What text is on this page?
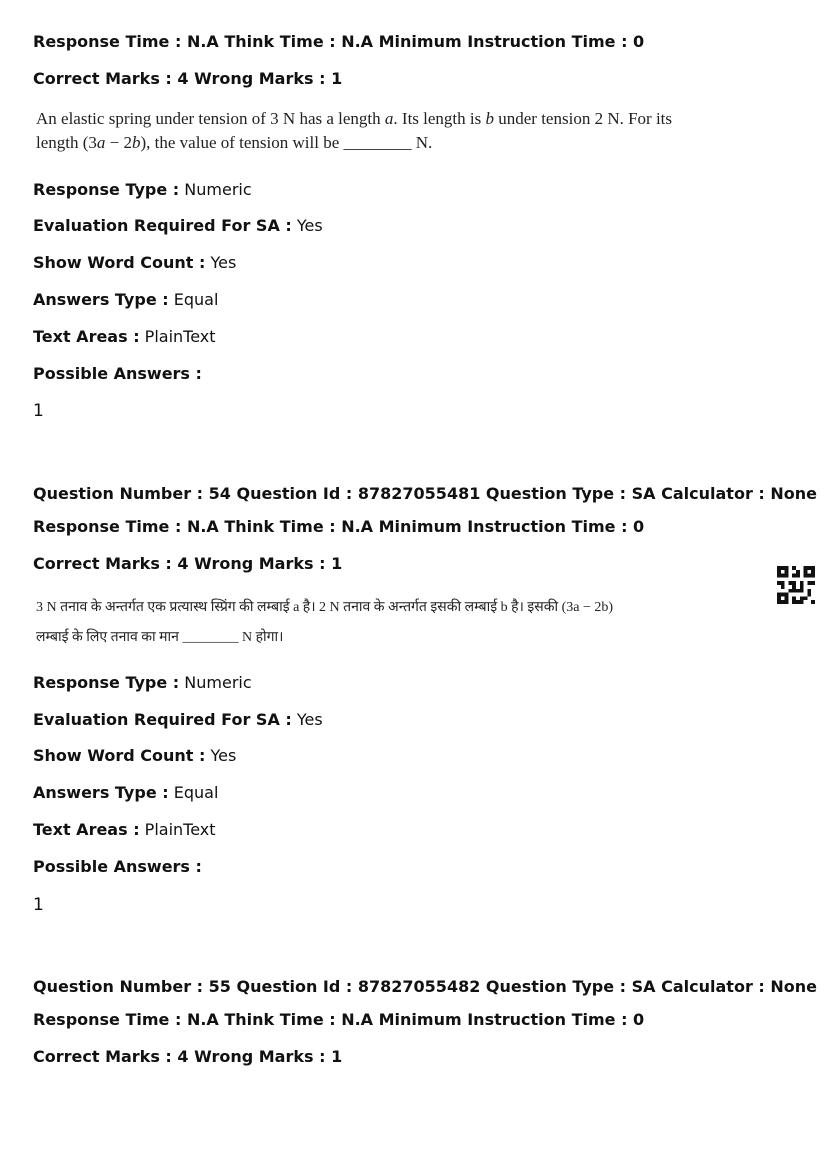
Response Time : N.A Think Time : N.A Minimum Instruction Time : 0
Correct Marks : 4 Wrong Marks : 1
An elastic spring under tension of 3 N has a length a. Its length is b under tension 2 N. For its
length (3a − 2b), the value of tension will be ________ N.
Response Type : Numeric
Evaluation Required For SA : Yes
Show Word Count : Yes
Answers Type : Equal
Text Areas : PlainText
Possible Answers :
1
Question Number : 54 Question Id : 87827055481 Question Type : SA Calculator : None
Response Time : N.A Think Time : N.A Minimum Instruction Time : 0
Correct Marks : 4 Wrong Marks : 1
3 N तनाव के अन्तर्गत एक प्रत्यास्थ स्प्रिंग की लम्बाई a है। 2 N तनाव के अन्तर्गत इसकी लम्बाई b है। इसकी (3a − 2b)
लम्बाई के लिए तनाव का मान ________ N होगा।
Response Type : Numeric
Evaluation Required For SA : Yes
Show Word Count : Yes
Answers Type : Equal
Text Areas : PlainText
Possible Answers :
1
Question Number : 55 Question Id : 87827055482 Question Type : SA Calculator : None
Response Time : N.A Think Time : N.A Minimum Instruction Time : 0
Correct Marks : 4 Wrong Marks : 1
